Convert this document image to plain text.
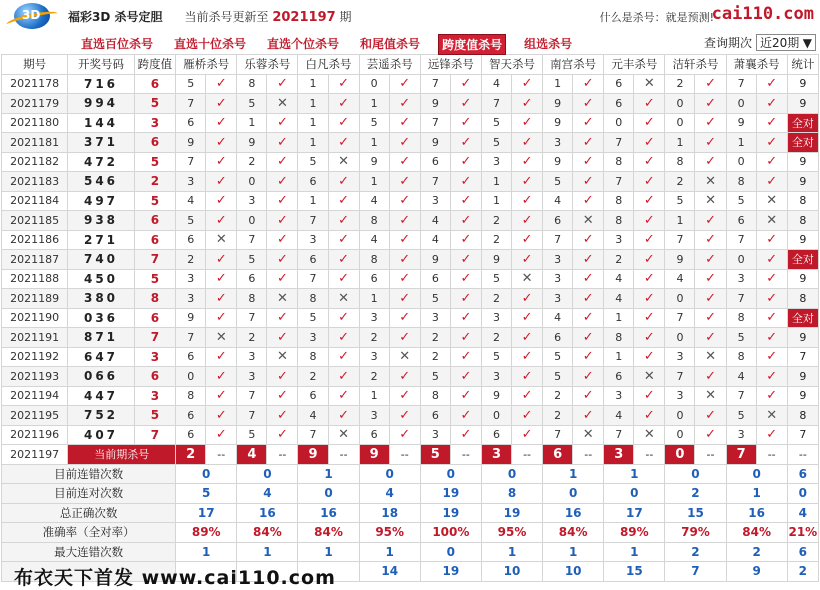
3D 福彩3D 杀号定胆 当前杀号更新至 2021197 期	什么是杀号：就是预测!
cai110.com
直选百位杀号 直选十位杀号 直选个位杀号 和尾值杀号	跨度值杀号	组选杀号	查询期次 近20期 ▼
期号	开奖号码	跨度值	雁桥杀号		乐蓉杀号		白凡杀号		芸遥杀号		远锋杀号		智天杀号		南宫杀号		元丰杀号		洁轩杀号		萧襄杀号		统计
2021178	716	6	5	✓	8	✓	1	✓	0	✓	7	✓	4	✓	1	✓	6	✕	2	✓	7	✓	9
2021179	994	5	7	✓	5	✕	1	✓	1	✓	9	✓	7	✓	9	✓	6	✓	0	✓	0	✓	9
2021180	144	3	6	✓	1	✓	1	✓	5	✓	7	✓	5	✓	9	✓	0	✓	0	✓	9	✓	全对
2021181	371	6	9	✓	9	✓	1	✓	1	✓	9	✓	5	✓	3	✓	7	✓	1	✓	1	✓	全对
2021182	472	5	7	✓	2	✓	5	✕	9	✓	6	✓	3	✓	9	✓	8	✓	8	✓	0	✓	9
2021183	546	2	3	✓	0	✓	6	✓	1	✓	7	✓	1	✓	5	✓	7	✓	2	✕	8	✓	9
2021184	497	5	4	✓	3	✓	1	✓	4	✓	3	✓	1	✓	4	✓	8	✓	5	✕	5	✕	8
2021185	938	6	5	✓	0	✓	7	✓	8	✓	4	✓	2	✓	6	✕	8	✓	1	✓	6	✕	8
2021186	271	6	6	✕	7	✓	3	✓	4	✓	4	✓	2	✓	7	✓	3	✓	7	✓	7	✓	9
2021187	740	7	2	✓	5	✓	6	✓	8	✓	9	✓	9	✓	3	✓	2	✓	9	✓	0	✓	全对
2021188	450	5	3	✓	6	✓	7	✓	6	✓	6	✓	5	✕	3	✓	4	✓	4	✓	3	✓	9
2021189	380	8	3	✓	8	✕	8	✕	1	✓	5	✓	2	✓	3	✓	4	✓	0	✓	7	✓	8
2021190	036	6	9	✓	7	✓	5	✓	3	✓	3	✓	3	✓	4	✓	1	✓	7	✓	8	✓	全对
2021191	871	7	7	✕	2	✓	3	✓	2	✓	2	✓	2	✓	6	✓	8	✓	0	✓	5	✓	9
2021192	647	3	6	✓	3	✕	8	✓	3	✕	2	✓	5	✓	5	✓	1	✓	3	✕	8	✓	7
2021193	066	6	0	✓	3	✓	2	✓	2	✓	5	✓	3	✓	5	✓	6	✕	7	✓	4	✓	9
2021194	447	3	8	✓	7	✓	6	✓	1	✓	8	✓	9	✓	2	✓	3	✓	3	✕	7	✓	9
2021195	752	5	6	✓	7	✓	4	✓	3	✓	6	✓	0	✓	2	✓	4	✓	0	✓	5	✕	8
2021196	407	7	6	✓	5	✓	7	✕	6	✓	3	✓	6	✓	7	✕	7	✕	0	✓	3	✓	7
2021197	当前期杀号		2	--	4	--	9	--	9	--	5	--	3	--	6	--	3	--	0	--	7	--	--
目前连错次数			0		0		1		0		0		0		1		1		0		0		6
目前连对次数			5		4		0		4		19		8		0		0		2		1		0
总正确次数			17		16		16		18		19		19		16		17		15		16		4
准确率（全对率）			89%		84%		84%		95%		100%		95%		84%		89%		79%		84%		21%
最大连错次数			1		1		1		1		0		1		1		1		2		2		6
									14		19		10		10		15		7		9		2
布衣天下首发 www.cai110.com
